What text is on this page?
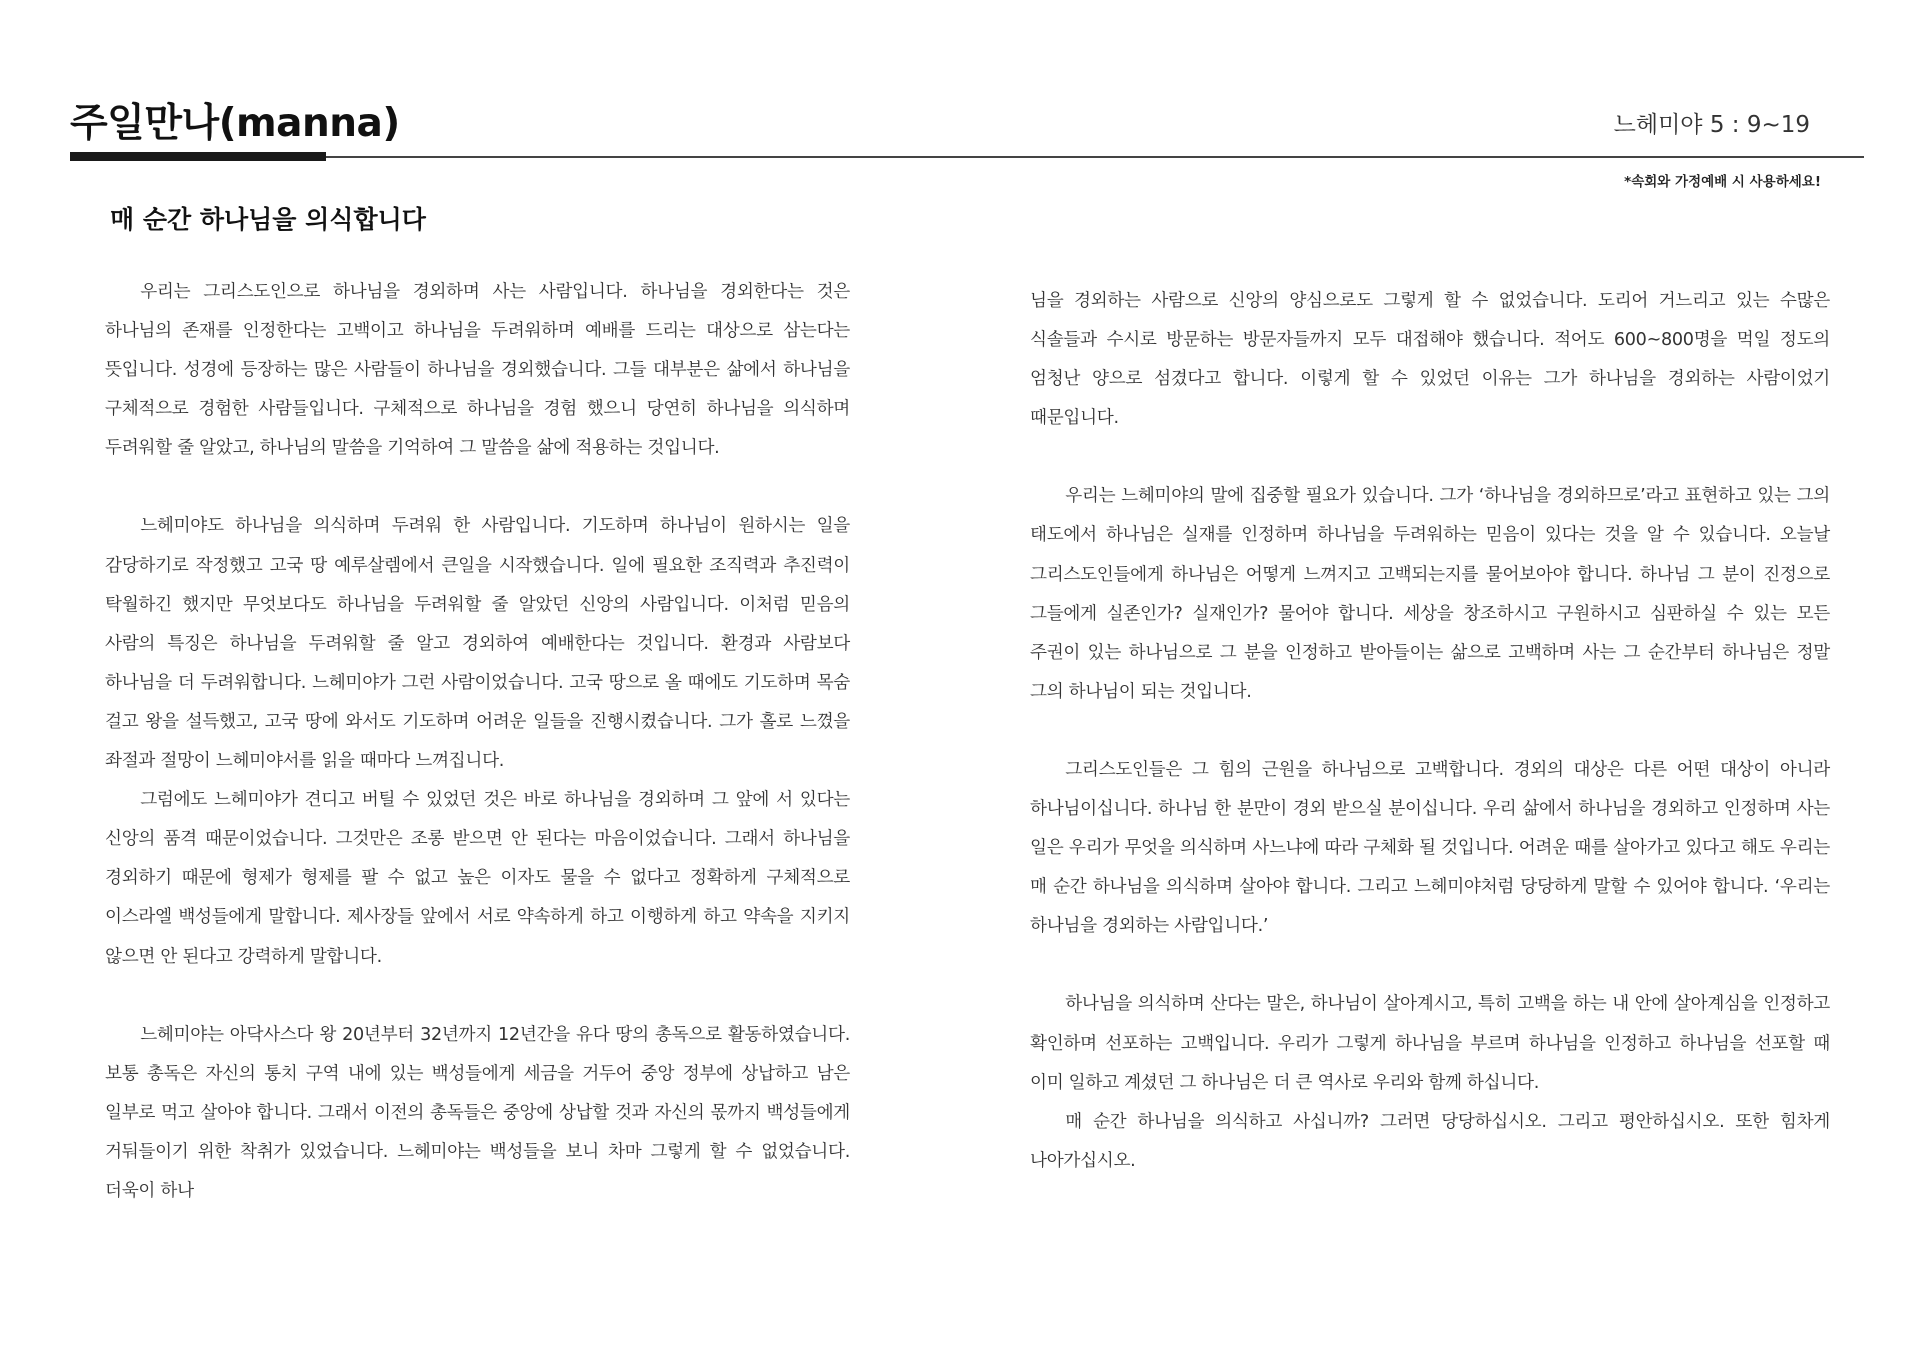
주일만나(manna)	느헤미야 5 : 9~19
*속회와 가정예배 시 사용하세요!
매 순간 하나님을 의식합니다

우리는 그리스도인으로 하나님을 경외하며 사는 사람입니다. 하나님을 경외한다는 것은 하나님의 존재를 인정한다는 고백이고 하나님을 두려워하며 예배를 드리는 대상으로 삼는다는 뜻입니다. 성경에 등장하는 많은 사람들이 하나님을 경외했습니다. 그들 대부분은 삶에서 하나님을 구체적으로 경험한 사람들입니다. 구체적으로 하나님을 경험 했으니 당연히 하나님을 의식하며 두려워할 줄 알았고, 하나님의 말씀을 기억하여 그 말씀을 삶에 적용하는 것입니다.

느헤미야도 하나님을 의식하며 두려워 한 사람입니다. 기도하며 하나님이 원하시는 일을 감당하기로 작정했고 고국 땅 예루살렘에서 큰일을 시작했습니다. 일에 필요한 조직력과 추진력이 탁월하긴 했지만 무엇보다도 하나님을 두려워할 줄 알았던 신앙의 사람입니다. 이처럼 믿음의 사람의 특징은 하나님을 두려워할 줄 알고 경외하여 예배한다는 것입니다. 환경과 사람보다 하나님을 더 두려워합니다. 느헤미야가 그런 사람이었습니다. 고국 땅으로 올 때에도 기도하며 목숨 걸고 왕을 설득했고, 고국 땅에 와서도 기도하며 어려운 일들을 진행시켰습니다. 그가 홀로 느꼈을 좌절과 절망이 느헤미야서를 읽을 때마다 느껴집니다.

그럼에도 느헤미야가 견디고 버틸 수 있었던 것은 바로 하나님을 경외하며 그 앞에 서 있다는 신앙의 품격 때문이었습니다. 그것만은 조롱 받으면 안 된다는 마음이었습니다. 그래서 하나님을 경외하기 때문에 형제가 형제를 팔 수 없고 높은 이자도 물을 수 없다고 정확하게 구체적으로 이스라엘 백성들에게 말합니다. 제사장들 앞에서 서로 약속하게 하고 이행하게 하고 약속을 지키지 않으면 안 된다고 강력하게 말합니다.

느헤미야는 아닥사스다 왕 20년부터 32년까지 12년간을 유다 땅의 총독으로 활동하였습니다. 보통 총독은 자신의 통치 구역 내에 있는 백성들에게 세금을 거두어 중앙 정부에 상납하고 남은 일부로 먹고 살아야 합니다. 그래서 이전의 총독들은 중앙에 상납할 것과 자신의 몫까지 백성들에게 거둬들이기 위한 착취가 있었습니다. 느헤미야는 백성들을 보니 차마 그렇게 할 수 없었습니다. 더욱이 하나

님을 경외하는 사람으로 신앙의 양심으로도 그렇게 할 수 없었습니다. 도리어 거느리고 있는 수많은 식솔들과 수시로 방문하는 방문자들까지 모두 대접해야 했습니다. 적어도 600~800명을 먹일 정도의 엄청난 양으로 섬겼다고 합니다. 이렇게 할 수 있었던 이유는 그가 하나님을 경외하는 사람이었기 때문입니다.

우리는 느헤미야의 말에 집중할 필요가 있습니다. 그가 ‘하나님을 경외하므로’라고 표현하고 있는 그의 태도에서 하나님은 실재를 인정하며 하나님을 두려워하는 믿음이 있다는 것을 알 수 있습니다. 오늘날 그리스도인들에게 하나님은 어떻게 느껴지고 고백되는지를 물어보아야 합니다. 하나님 그 분이 진정으로 그들에게 실존인가? 실재인가? 물어야 합니다. 세상을 창조하시고 구원하시고 심판하실 수 있는 모든 주권이 있는 하나님으로 그 분을 인정하고 받아들이는 삶으로 고백하며 사는 그 순간부터 하나님은 정말 그의 하나님이 되는 것입니다.

그리스도인들은 그 힘의 근원을 하나님으로 고백합니다. 경외의 대상은 다른 어떤 대상이 아니라 하나님이십니다. 하나님 한 분만이 경외 받으실 분이십니다. 우리 삶에서 하나님을 경외하고 인정하며 사는 일은 우리가 무엇을 의식하며 사느냐에 따라 구체화 될 것입니다. 어려운 때를 살아가고 있다고 해도 우리는 매 순간 하나님을 의식하며 살아야 합니다. 그리고 느헤미야처럼 당당하게 말할 수 있어야 합니다. ‘우리는 하나님을 경외하는 사람입니다.’

하나님을 의식하며 산다는 말은, 하나님이 살아계시고, 특히 고백을 하는 내 안에 살아계심을 인정하고 확인하며 선포하는 고백입니다. 우리가 그렇게 하나님을 부르며 하나님을 인정하고 하나님을 선포할 때 이미 일하고 계셨던 그 하나님은 더 큰 역사로 우리와 함께 하십니다.

매 순간 하나님을 의식하고 사십니까? 그러면 당당하십시오. 그리고 평안하십시오. 또한 힘차게 나아가십시오.
